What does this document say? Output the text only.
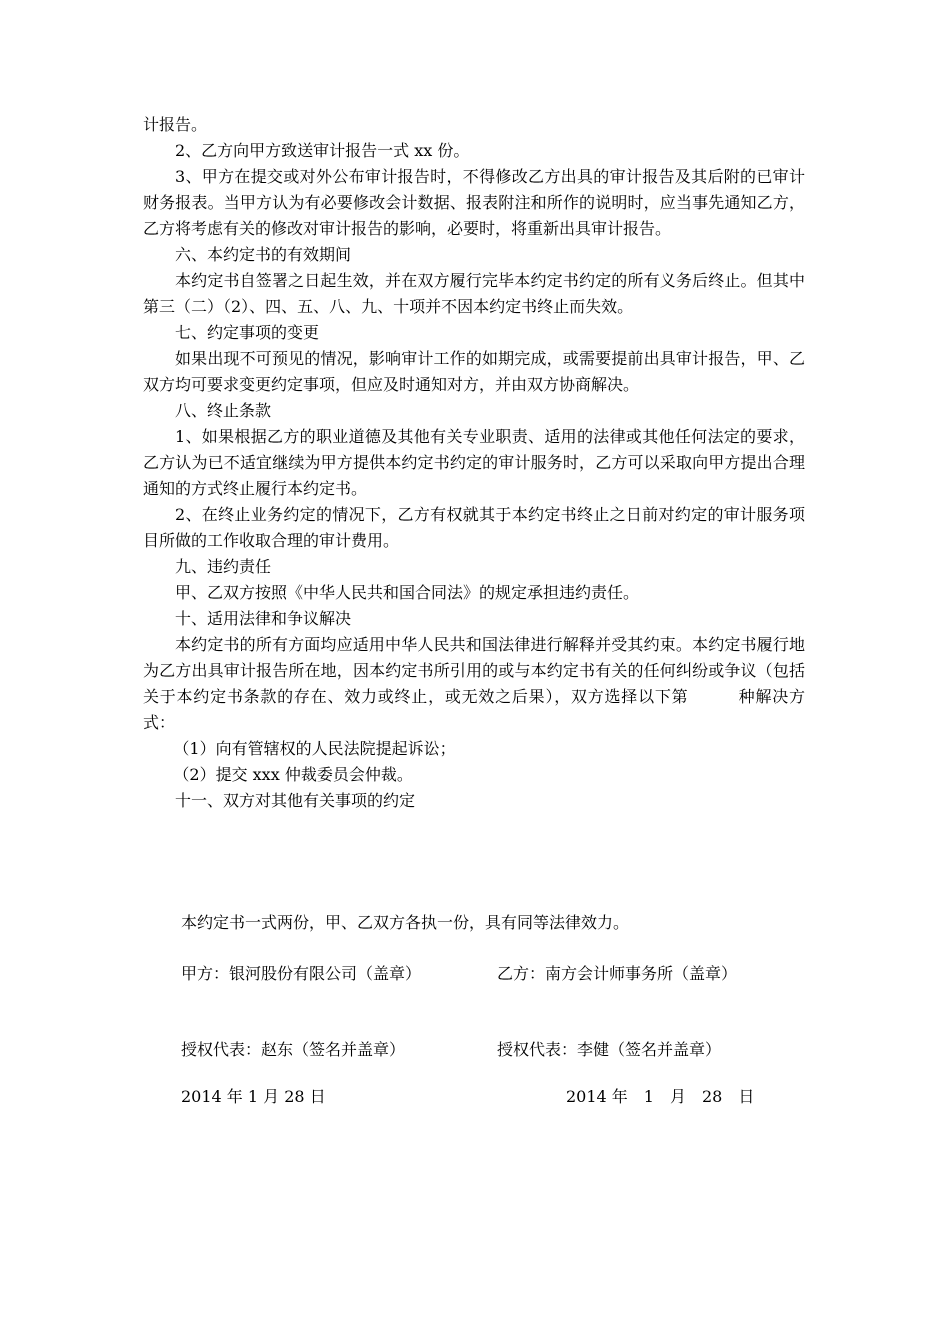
计报告。

2、乙方向甲方致送审计报告一式 xx 份。

3、甲方在提交或对外公布审计报告时，不得修改乙方出具的审计报告及其后附的已审计财务报表。当甲方认为有必要修改会计数据、报表附注和所作的说明时，应当事先通知乙方，乙方将考虑有关的修改对审计报告的影响，必要时，将重新出具审计报告。

六、本约定书的有效期间

本约定书自签署之日起生效，并在双方履行完毕本约定书约定的所有义务后终止。但其中第三（二）（2）、四、五、八、九、十项并不因本约定书终止而失效。

七、约定事项的变更

如果出现不可预见的情况，影响审计工作的如期完成，或需要提前出具审计报告，甲、乙双方均可要求变更约定事项，但应及时通知对方，并由双方协商解决。

八、终止条款

1、如果根据乙方的职业道德及其他有关专业职责、适用的法律或其他任何法定的要求，乙方认为已不适宜继续为甲方提供本约定书约定的审计服务时，乙方可以采取向甲方提出合理通知的方式终止履行本约定书。

2、在终止业务约定的情况下，乙方有权就其于本约定书终止之日前对约定的审计服务项目所做的工作收取合理的审计费用。

九、违约责任

甲、乙双方按照《中华人民共和国合同法》的规定承担违约责任。

十、适用法律和争议解决

本约定书的所有方面均应适用中华人民共和国法律进行解释并受其约束。本约定书履行地为乙方出具审计报告所在地，因本约定书所引用的或与本约定书有关的任何纠纷或争议（包括关于本约定书条款的存在、效力或终止，或无效之后果），双方选择以下第　　　种解决方式：

（1）向有管辖权的人民法院提起诉讼；

（2）提交 xxx 仲裁委员会仲裁。

十一、双方对其他有关事项的约定

本约定书一式两份，甲、乙双方各执一份，具有同等法律效力。
甲方：银河股份有限公司（盖章）	乙方：南方会计师事务所（盖章）
授权代表：赵东（签名并盖章）	授权代表：李健（签名并盖章）
2014 年 1 月 28 日	2014 年　1　月　28　日
